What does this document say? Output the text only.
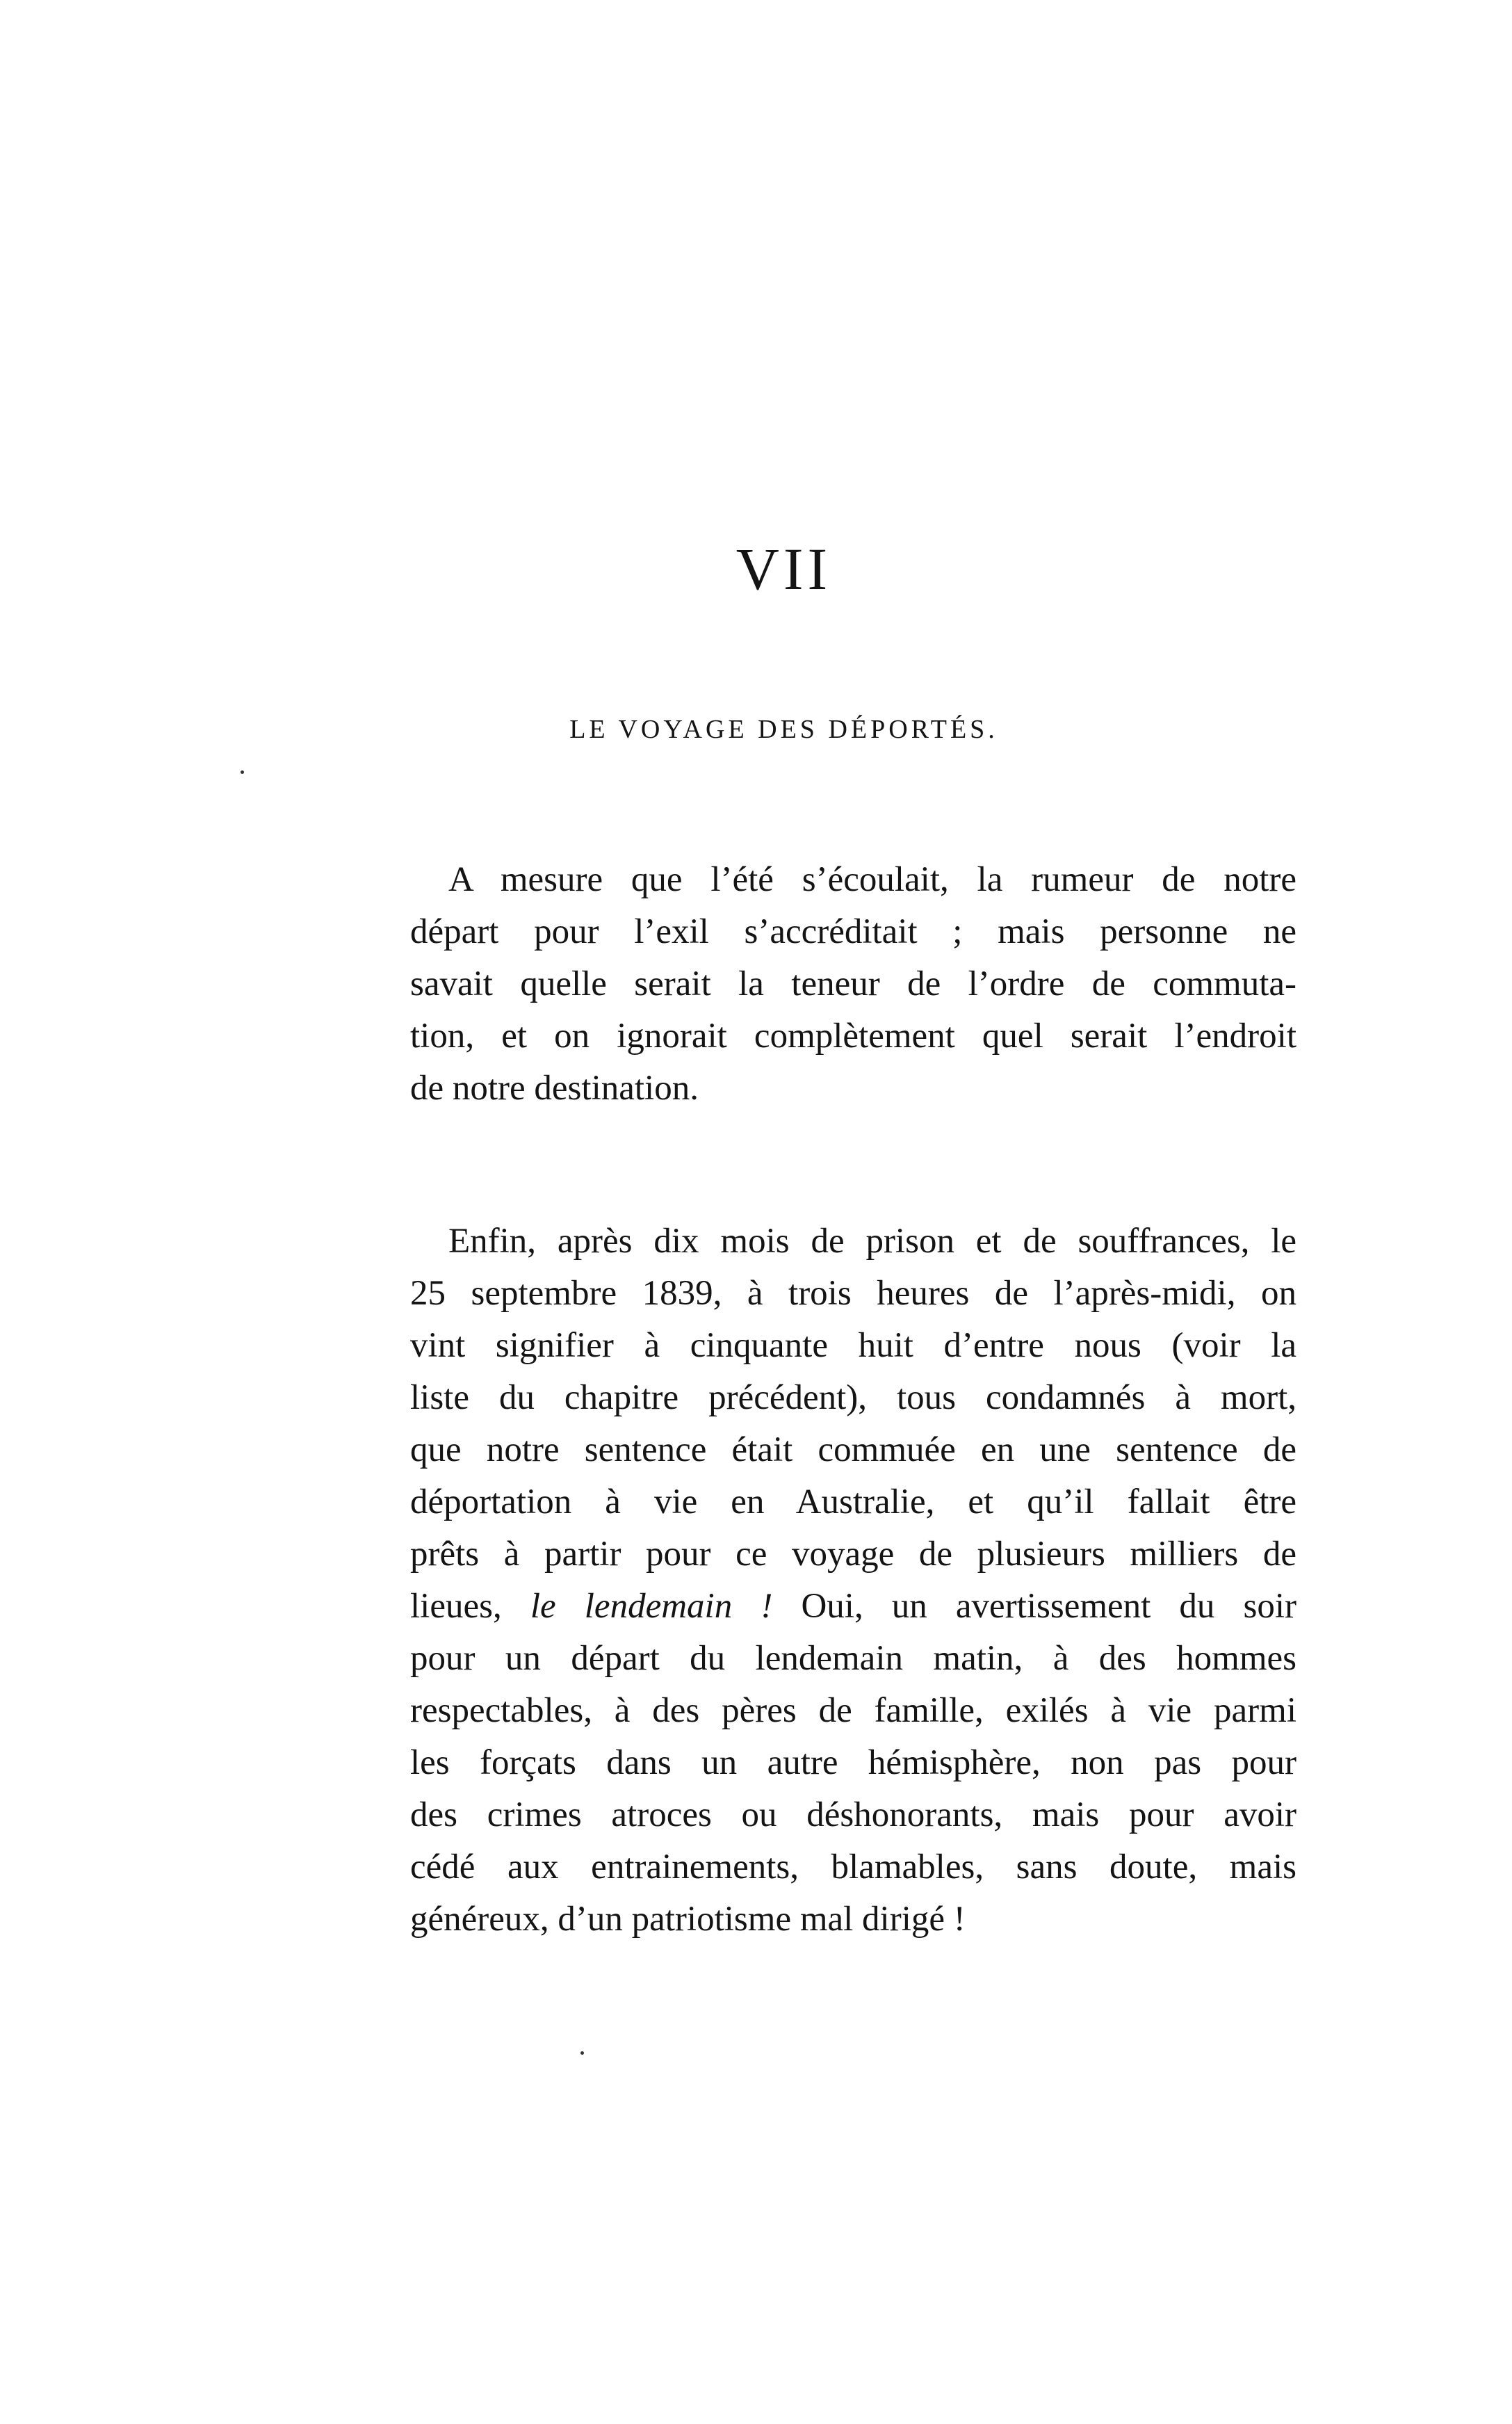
VII
LE VOYAGE DES DÉPORTÉS.
A mesure que l’été s’écoulait, la rumeur de notre
départ pour l’exil s’accréditait ; mais personne ne
savait quelle serait la teneur de l’ordre de commuta-
tion, et on ignorait complètement quel serait l’endroit
de notre destination.
Enfin, après dix mois de prison et de souffrances, le
25 septembre 1839, à trois heures de l’après-midi, on
vint signifier à cinquante huit d’entre nous (voir la
liste du chapitre précédent), tous condamnés à mort,
que notre sentence était commuée en une sentence de
déportation à vie en Australie, et qu’il fallait être
prêts à partir pour ce voyage de plusieurs milliers de
lieues, le lendemain ! Oui, un avertissement du soir
pour un départ du lendemain matin, à des hommes
respectables, à des pères de famille, exilés à vie parmi
les forçats dans un autre hémisphère, non pas pour
des crimes atroces ou déshonorants, mais pour avoir
cédé aux entrainements, blamables, sans doute, mais
généreux, d’un patriotisme mal dirigé !
